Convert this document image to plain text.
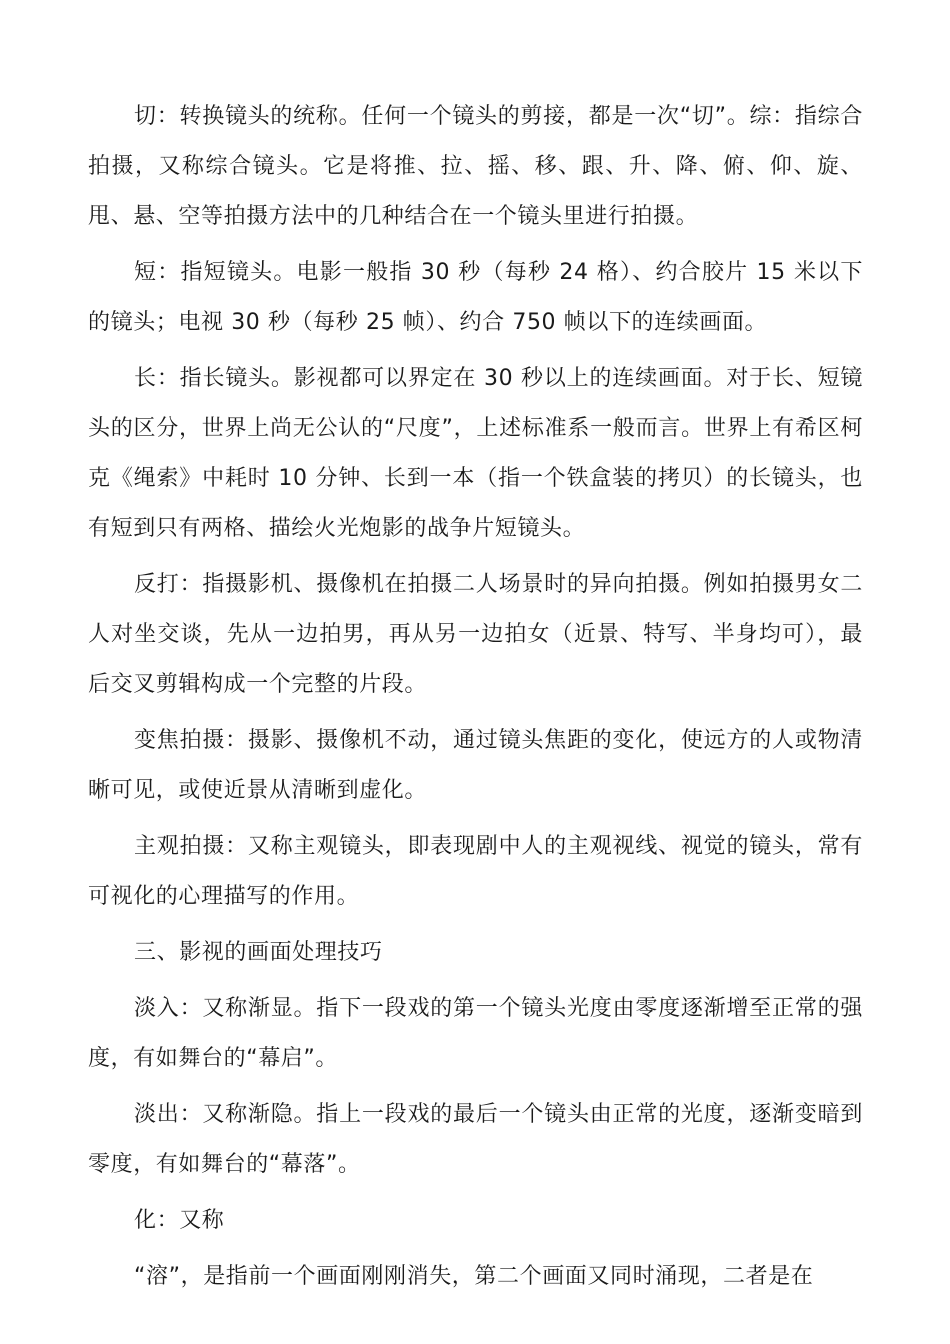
切：转换镜头的统称。任何一个镜头的剪接，都是一次“切”。综：指综合拍摄，又称综合镜头。它是将推、拉、摇、移、跟、升、降、俯、仰、旋、甩、悬、空等拍摄方法中的几种结合在一个镜头里进行拍摄。

短：指短镜头。电影一般指 30 秒（每秒 24 格）、约合胶片 15 米以下的镜头；电视 30 秒（每秒 25 帧）、约合 750 帧以下的连续画面。

长：指长镜头。影视都可以界定在 30 秒以上的连续画面。对于长、短镜头的区分，世界上尚无公认的“尺度”，上述标准系一般而言。世界上有希区柯克《绳索》中耗时 10 分钟、长到一本（指一个铁盒装的拷贝）的长镜头，也有短到只有两格、描绘火光炮影的战争片短镜头。

反打：指摄影机、摄像机在拍摄二人场景时的异向拍摄。例如拍摄男女二人对坐交谈，先从一边拍男，再从另一边拍女（近景、特写、半身均可），最后交叉剪辑构成一个完整的片段。

变焦拍摄：摄影、摄像机不动，通过镜头焦距的变化，使远方的人或物清晰可见，或使近景从清晰到虚化。

主观拍摄：又称主观镜头，即表现剧中人的主观视线、视觉的镜头，常有可视化的心理描写的作用。

三、影视的画面处理技巧

淡入：又称渐显。指下一段戏的第一个镜头光度由零度逐渐增至正常的强度，有如舞台的“幕启”。

淡出：又称渐隐。指上一段戏的最后一个镜头由正常的光度，逐渐变暗到零度，有如舞台的“幕落”。

化：又称

“溶”，是指前一个画面刚刚消失，第二个画面又同时涌现，二者是在
